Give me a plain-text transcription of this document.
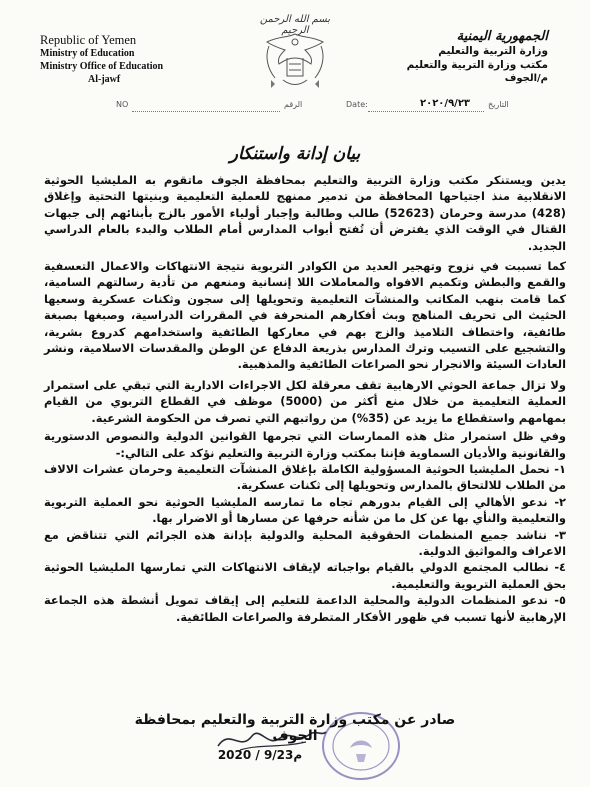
Republic of Yemen
Ministry of Education
Ministry Office of Education
Al-jawf
بسم الله الرحمن الرحيم	الجمهورية اليمنية
وزارة التربية والتعليم
مكتب وزارة التربية والتعليم
م/الجوف
NO	الرقم	Date:	٢٠٢٠/٩/٢٣ التاريخ
بيان إدانة واستنكار

يدين ويستنكر مكتب وزارة التربية والتعليم بمحافظة الجوف ماتقوم به المليشيا الحوثية الانقلابية منذ اجتياحها المحافظة من تدمير ممنهج للعملية التعليمية وبنيتها التحتية وإغلاق (428) مدرسة وحرمان (52623) طالب وطالبة وإجبار أولياء الأمور بالزج بأبنائهم إلى جبهات القتال في الوقت الذي يفترض أن تُفتح أبواب المدارس أمام الطلاب والبدء بالعام الدراسي الجديد.

كما تسببت في نزوح وتهجير العديد من الكوادر التربوية نتيجة الانتهاكات والاعمال التعسفية والقمع والبطش وتكميم الافواه والمعاملات اللا إنسانية ومنعهم من تأدية رسالتهم السامية، كما قامت بنهب المكاتب والمنشآت التعليمية وتحويلها إلى سجون وثكنات عسكرية وسعيها الحثيث الى تحريف المناهج وبث أفكارهم المنحرفة في المقررات الدراسية، وصبغها بصبغة طائفية، واختطاف التلاميذ والزج بهم في معاركها الطائفية واستخدامهم كدروع بشرية، والتشجيع على التسيب وترك المدارس بذريعة الدفاع عن الوطن والمقدسات الاسلامية، ونشر العادات السيئة والانجرار نحو الصراعات الطائفية والمذهبية.

ولا تزال جماعة الحوثي الارهابية تقف معرقلة لكل الاجراءات الادارية التي تبقي على استمرار العملية التعليمية من خلال منع أكثر من (5000) موظف في القطاع التربوي من القيام بمهامهم واستقطاع ما يزيد عن (35%) من رواتبهم التي تصرف من الحكومة الشرعية.

وفي ظل استمرار مثل هذه الممارسات التي تجرمها القوانين الدولية والنصوص الدستورية والقانونية والأديان السماوية فإننا بمكتب وزارة التربية والتعليم نؤكد على التالي:-

١- نحمل المليشيا الحوثية المسؤولية الكاملة بإغلاق المنشآت التعليمية وحرمان عشرات الالاف من الطلاب للالتحاق بالمدارس وتحويلها إلى ثكنات عسكرية.

٢- ندعو الأهالي إلى القيام بدورهم تجاه ما تمارسه المليشيا الحوثية نحو العملية التربوية والتعليمية والنأي بها عن كل ما من شأنه حرفها عن مسارها أو الاضرار بها.

٣- نناشد جميع المنظمات الحقوقية المحلية والدولية بإدانة هذه الجرائم التي تتناقض مع الاعراف والمواثيق الدولية.

٤- نطالب المجتمع الدولي بالقيام بواجباته لإيقاف الانتهاكات التي تمارسها المليشيا الحوثية بحق العملية التربوية والتعليمية.

٥- ندعو المنظمات الدولية والمحلية الداعمة للتعليم إلى إيقاف تمويل أنشطة هذه الجماعة الإرهابية لأنها تسبب في ظهور الأفكار المتطرفة والصراعات الطائفية.

صادر عن مكتب وزارة التربية والتعليم بمحافظة الجوف
2020 / 9/23م
